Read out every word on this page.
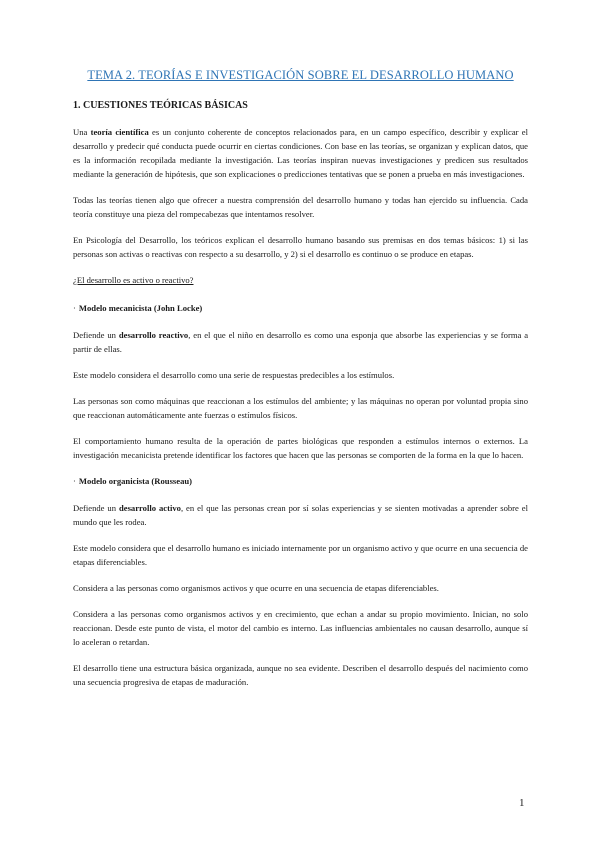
TEMA 2. TEORÍAS E INVESTIGACIÓN SOBRE EL DESARROLLO HUMANO
1. CUESTIONES TEÓRICAS BÁSICAS

Una teoría científica es un conjunto coherente de conceptos relacionados para, en un campo específico, describir y explicar el desarrollo y predecir qué conducta puede ocurrir en ciertas condiciones. Con base en las teorías, se organizan y explican datos, que es la información recopilada mediante la investigación. Las teorías inspiran nuevas investigaciones y predicen sus resultados mediante la generación de hipótesis, que son explicaciones o predicciones tentativas que se ponen a prueba en más investigaciones.

Todas las teorías tienen algo que ofrecer a nuestra comprensión del desarrollo humano y todas han ejercido su influencia. Cada teoría constituye una pieza del rompecabezas que intentamos resolver.

En Psicología del Desarrollo, los teóricos explican el desarrollo humano basando sus premisas en dos temas básicos: 1) si las personas son activas o reactivas con respecto a su desarrollo, y 2) si el desarrollo es continuo o se produce en etapas.

¿El desarrollo es activo o reactivo?

· Modelo mecanicista (John Locke)

Defiende un desarrollo reactivo, en el que el niño en desarrollo es como una esponja que absorbe las experiencias y se forma a partir de ellas.

Este modelo considera el desarrollo como una serie de respuestas predecibles a los estímulos.

Las personas son como máquinas que reaccionan a los estímulos del ambiente; y las máquinas no operan por voluntad propia sino que reaccionan automáticamente ante fuerzas o estímulos físicos.

El comportamiento humano resulta de la operación de partes biológicas que responden a estímulos internos o externos. La investigación mecanicista pretende identificar los factores que hacen que las personas se comporten de la forma en la que lo hacen.

· Modelo organicista (Rousseau)

Defiende un desarrollo activo, en el que las personas crean por sí solas experiencias y se sienten motivadas a aprender sobre el mundo que les rodea.

Este modelo considera que el desarrollo humano es iniciado internamente por un organismo activo y que ocurre en una secuencia de etapas diferenciables.

Considera a las personas como organismos activos y que ocurre en una secuencia de etapas diferenciables.

Considera a las personas como organismos activos y en crecimiento, que echan a andar su propio movimiento. Inician, no solo reaccionan. Desde este punto de vista, el motor del cambio es interno. Las influencias ambientales no causan desarrollo, aunque sí lo aceleran o retardan.

El desarrollo tiene una estructura básica organizada, aunque no sea evidente. Describen el desarrollo después del nacimiento como una secuencia progresiva de etapas de maduración.

1
